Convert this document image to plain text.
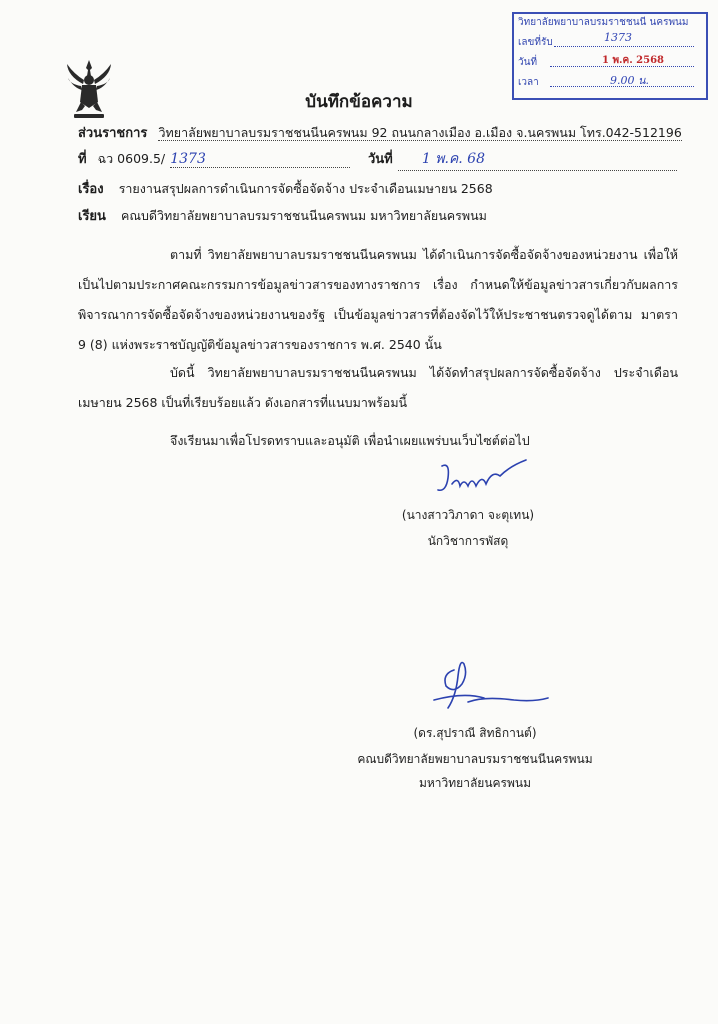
วิทยาลัยพยาบาลบรมราชชนนี นครพนม
เลขที่รับ	1373
วันที่	1 พ.ค. 2568
เวลา	9.00 น.
บันทึกข้อความ
ส่วนราชการ วิทยาลัยพยาบาลบรมราชชนนีนครพนม 92 ถนนกลางเมือง อ.เมือง จ.นครพนม โทร.042-512196
ที่ ฉว 0609.5/ 1373	วันที่ 1 พ.ค. 68
เรื่อง รายงานสรุปผลการดำเนินการจัดซื้อจัดจ้าง ประจำเดือนเมษายน 2568
เรียน คณบดีวิทยาลัยพยาบาลบรมราชชนนีนครพนม มหาวิทยาลัยนครพนม
ตามที่ วิทยาลัยพยาบาลบรมราชชนนีนครพนม ได้ดำเนินการจัดซื้อจัดจ้างของหน่วยงาน เพื่อให้เป็นไปตามประกาศคณะกรรมการข้อมูลข่าวสารของทางราชการ เรื่อง กำหนดให้ข้อมูลข่าวสารเกี่ยวกับผลการพิจารณาการจัดซื้อจัดจ้างของหน่วยงานของรัฐ เป็นข้อมูลข่าวสารที่ต้องจัดไว้ให้ประชาชนตรวจดูได้ตาม มาตรา 9 (8) แห่งพระราชบัญญัติข้อมูลข่าวสารของราชการ พ.ศ. 2540 นั้น
บัดนี้ วิทยาลัยพยาบาลบรมราชชนนีนครพนม ได้จัดทำสรุปผลการจัดซื้อจัดจ้าง ประจำเดือนเมษายน 2568 เป็นที่เรียบร้อยแล้ว ดังเอกสารที่แนบมาพร้อมนี้
จึงเรียนมาเพื่อโปรดทราบและอนุมัติ เพื่อนำเผยแพร่บนเว็บไซต์ต่อไป
(นางสาววิภาดา จะตุเทน)
นักวิชาการพัสดุ
(ดร.สุปราณี สิทธิกานต์)
คณบดีวิทยาลัยพยาบาลบรมราชชนนีนครพนม
มหาวิทยาลัยนครพนม
